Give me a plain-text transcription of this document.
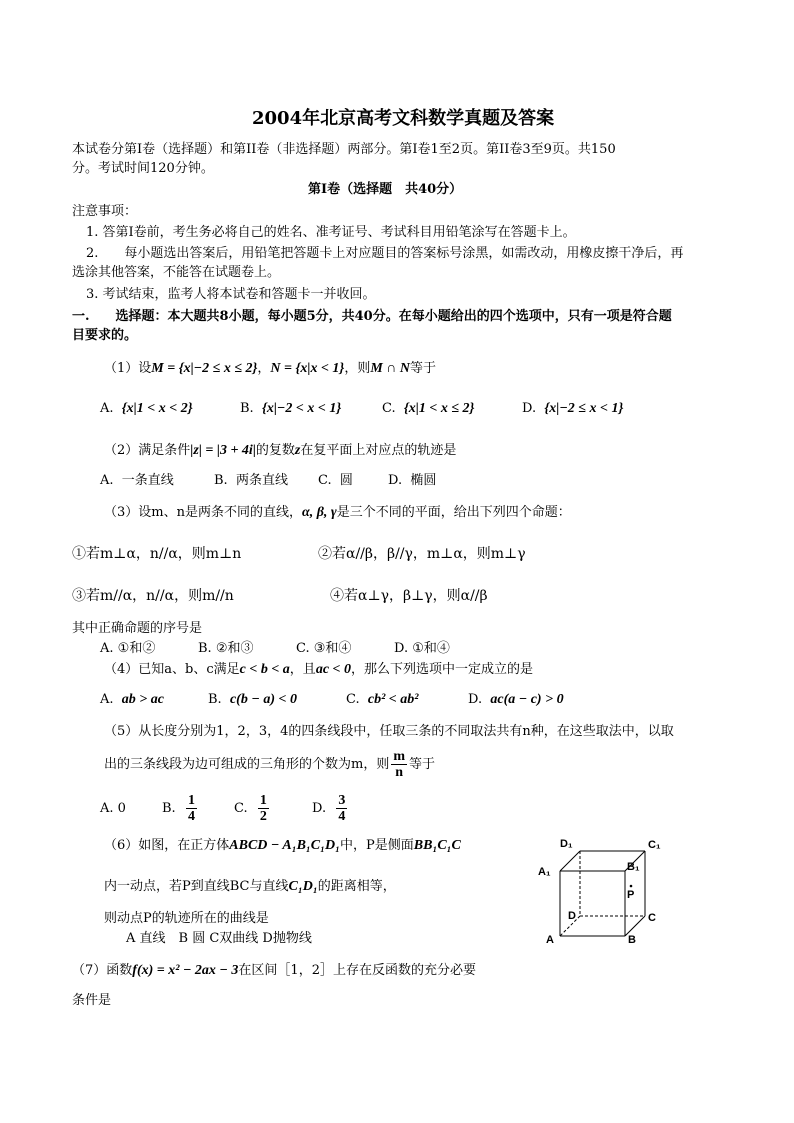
2004年北京高考文科数学真题及答案
本试卷分第I卷（选择题）和第II卷（非选择题）两部分。第I卷1至2页。第II卷3至9页。共150
分。考试时间120分钟。
第I卷（选择题　共40分）
注意事项：
1. 答第I卷前，考生务必将自己的姓名、准考证号、考试科目用铅笔涂写在答题卡上。
2.　　每小题选出答案后，用铅笔把答题卡上对应题目的答案标号涂黑，如需改动，用橡皮擦干净后，再
选涂其他答案，不能答在试题卷上。
3. 考试结束，监考人将本试卷和答题卡一并收回。
一. 选择题：本大题共8小题，每小题5分，共40分。在每小题给出的四个选项中，只有一项是符合题
目要求的。
（1）设M = {x|−2 ≤ x ≤ 2}，N = {x|x < 1}，则M ∩ N等于
A. {x|1 < x < 2}	B. {x|−2 < x < 1}	C. {x|1 < x ≤ 2}	D. {x|−2 ≤ x < 1}
（2）满足条件|z| = |3 + 4i|的复数z在复平面上对应点的轨迹是
A. 一条直线	B. 两条直线 C. 圆	D. 椭圆
（3）设m、n是两条不同的直线，α, β, γ是三个不同的平面，给出下列四个命题：
①若m⊥α，n//α，则m⊥n	②若α//β，β//γ，m⊥α，则m⊥γ
③若m//α，n//α，则m//n	④若α⊥γ，β⊥γ，则α//β
其中正确命题的序号是
A. ①和②	B. ②和③	C. ③和④	D. ①和④
（4）已知a、b、c满足c < b < a，且ac < 0，那么下列选项中一定成立的是
A. ab > ac	B. c(b − a) < 0	C. cb² < ab²	D. ac(a − c) > 0
（5）从长度分别为1，2，3，4的四条线段中，任取三条的不同取法共有n种，在这些取法中，以取
出的三条线段为边可组成的三角形的个数为m，则 $\frac{m}{n}$ 等于
A. 0	B. $\frac{1}{4}$	C. $\frac{1}{2}$	D. $\frac{3}{4}$
（6）如图，在正方体ABCD − A₁B₁C₁D₁中，P是侧面BB₁C₁C
内一动点，若P到直线BC与直线C₁D₁的距离相等，
则动点P的轨迹所在的曲线是
A 直线　B 圆 C双曲线 D抛物线
D₁	C₁
A₁	B₁
P
D	C
A	B
（7）函数f(x) = x² − 2ax − 3在区间［1，2］上存在反函数的充分必要
条件是
